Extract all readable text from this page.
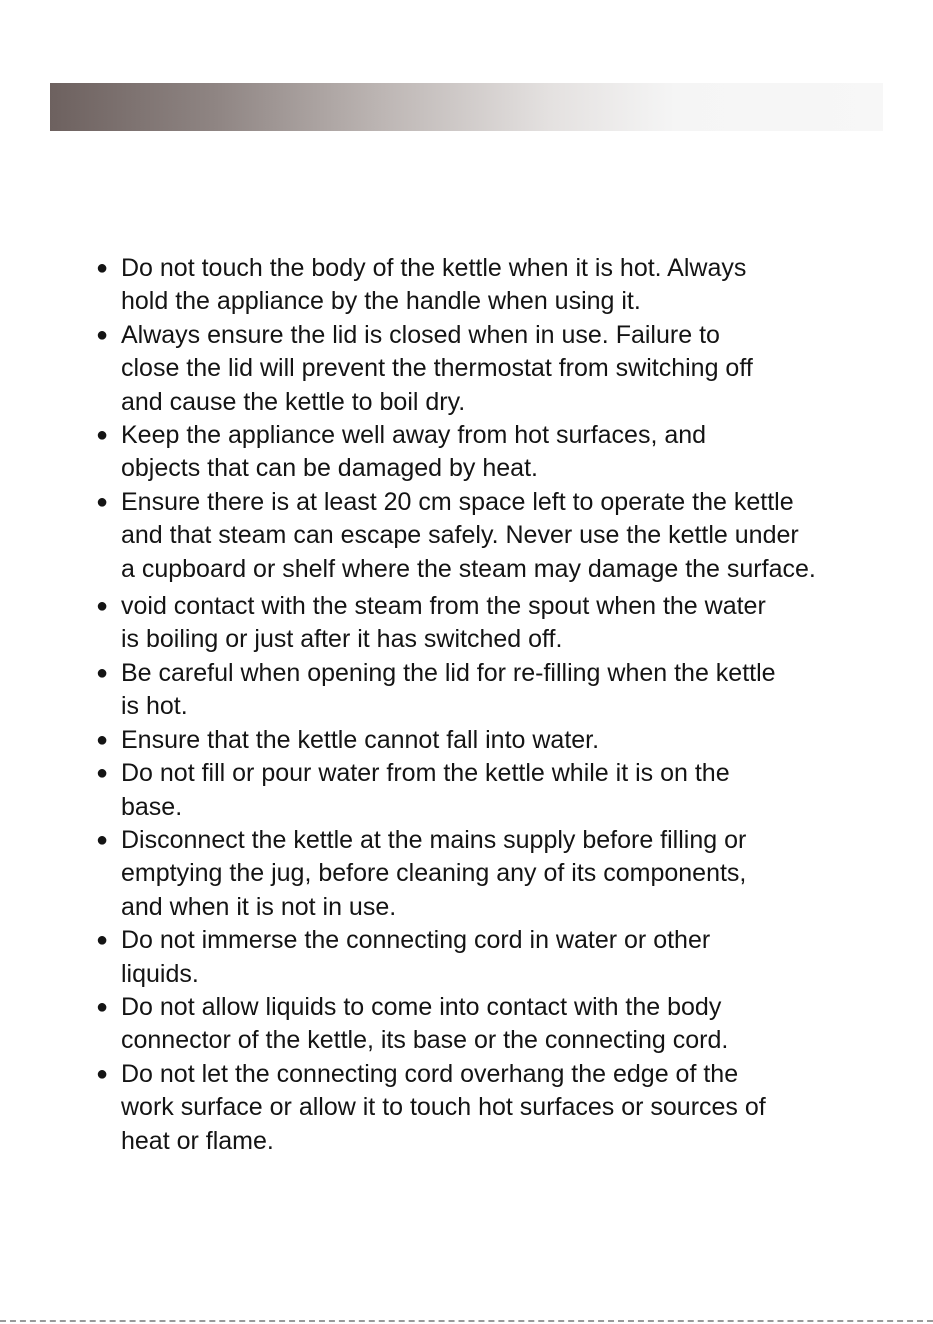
● Do not touch the body of the kettle when it is hot. Always
hold the appliance by the handle when using it.
● Always ensure the lid is closed when in use. Failure to
close the lid will prevent the thermostat from switching off
and cause the kettle to boil dry.
● Keep the appliance well away from hot surfaces, and
objects that can be damaged by heat.
● Ensure there is at least 20 cm space left to operate the kettle
and that steam can escape safely. Never use the kettle under
a cupboard or shelf where the steam may damage the surface.
● void contact with the steam from the spout when the water
is boiling or just after it has switched off.
● Be careful when opening the lid for re-filling when the kettle
is hot.
● Ensure that the kettle cannot fall into water.
● Do not fill or pour water from the kettle while it is on the
base.
● Disconnect the kettle at the mains supply before filling or
emptying the jug, before cleaning any of its components,
and when it is not in use.
● Do not immerse the connecting cord in water or other
liquids.
● Do not allow liquids to come into contact with the body
connector of the kettle, its base or the connecting cord.
● Do not let the connecting cord overhang the edge of the
work surface or allow it to touch hot surfaces or sources of
heat or flame.
